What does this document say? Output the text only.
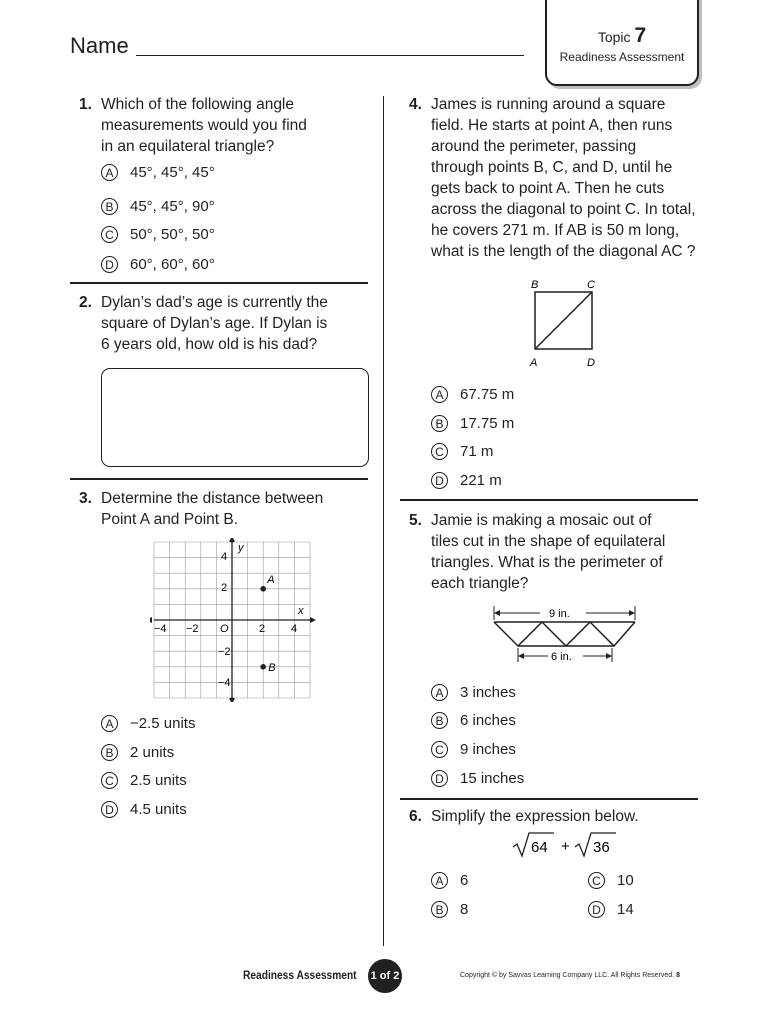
Name	Topic 7
Readiness Assessment
1. Which of the following angle
measurements would you find
in an equilateral triangle?
A	45°, 45°, 45°
B	45°, 45°, 90°
C 50°, 50°, 50°
D 60°, 60°, 60°
2. Dylan’s dad’s age is currently the
square of Dylan’s age. If Dylan is
6 years old, how old is his dad?
3. Determine the distance between
Point A and Point B.
y
x
O
−4 −2	2 4
4
2
−2
−4
A
B
A	−2.5 units
B	2 units
C 2.5 units
D 4.5 units
4. James is running around a square
field. He starts at point A, then runs
around the perimeter, passing
through points B, C, and D, until he
gets back to point A. Then he cuts
across the diagonal to point C. In total,
he covers 271 m. If AB is 50 m long,
what is the length of the diagonal AC ?
B	C
A	D
A	67.75 m
B	17.75 m
C 71 m
D 221 m
5. Jamie is making a mosaic out of
tiles cut in the shape of equilateral
triangles. What is the perimeter of
each triangle?
9 in.
6 in.
A	3 inches
B	6 inches
C 9 inches
D 15 inches
6. Simplify the expression below.
64 + 36
A	6
B	8
C 10
D 14
Readiness Assessment 1 of 2	Copyright © by Savvas Learning Company LLC. All Rights Reserved. 8
